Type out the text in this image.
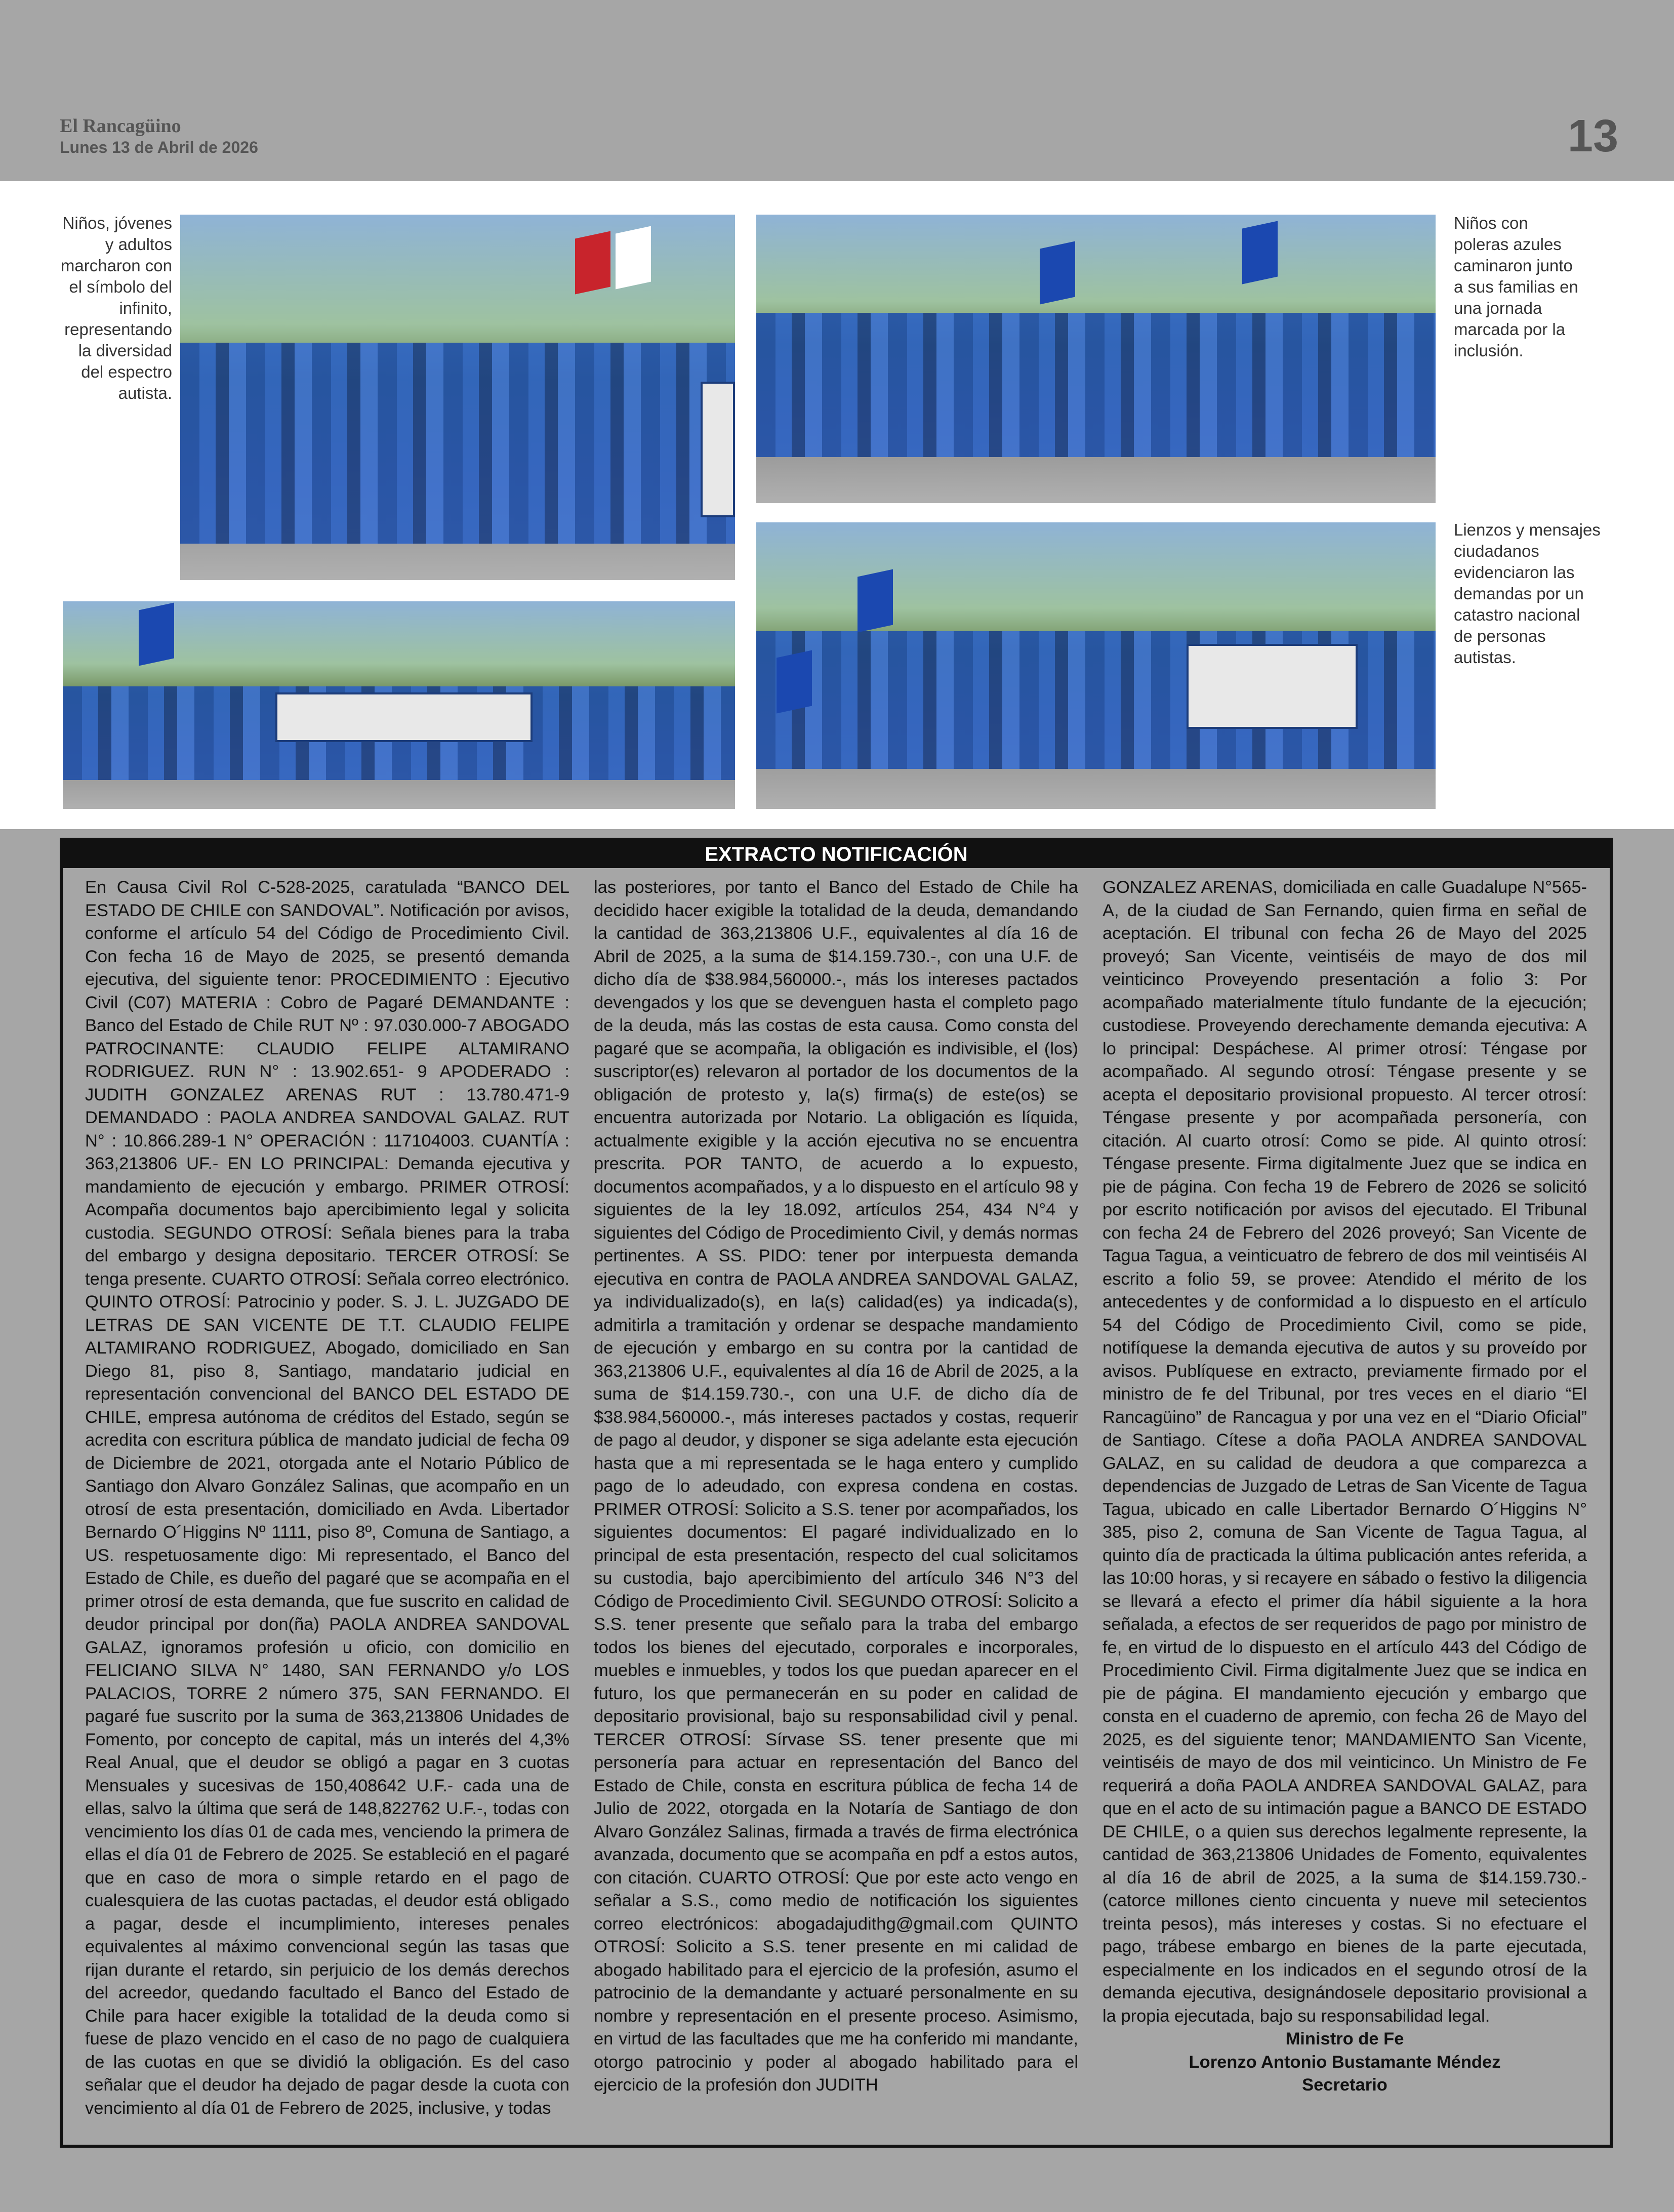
El Rancagüino
Lunes 13 de Abril de 2026	13
Niños, jóvenes y adultos marcharon con el símbolo del infinito, representando la diversidad del espectro autista.
Niños con poleras azules caminaron junto a sus familias en una jornada marcada por la inclusión.
Lienzos y mensajes ciudadanos evidenciaron las demandas por un catastro nacional de personas autistas.
EXTRACTO NOTIFICACIÓN
En Causa Civil Rol C-528-2025, caratulada “BANCO DEL ESTADO DE CHILE con SANDOVAL”. Notificación por avisos, conforme el artículo 54 del Código de Procedimiento Civil. Con fecha 16 de Mayo de 2025, se presentó demanda ejecutiva, del siguiente tenor: PROCEDIMIENTO : Ejecutivo Civil (C07) MATERIA : Cobro de Pagaré DEMANDANTE : Banco del Estado de Chile RUT Nº : 97.030.000-7 ABOGADO PATROCINANTE: CLAUDIO FELIPE ALTAMIRANO RODRIGUEZ. RUN N° : 13.902.651- 9 APODERADO : JUDITH GONZALEZ ARENAS RUT : 13.780.471-9 DEMANDADO : PAOLA ANDREA SANDOVAL GALAZ. RUT N° : 10.866.289-1 N° OPERACIÓN : 117104003. CUANTÍA : 363,213806 UF.- EN LO PRINCIPAL: Demanda ejecutiva y mandamiento de ejecución y embargo. PRIMER OTROSÍ: Acompaña documentos bajo apercibimiento legal y solicita custodia. SEGUNDO OTROSÍ: Señala bienes para la traba del embargo y designa depositario. TERCER OTROSÍ: Se tenga presente. CUARTO OTROSÍ: Señala correo electrónico. QUINTO OTROSÍ: Patrocinio y poder. S. J. L. JUZGADO DE LETRAS DE SAN VICENTE DE T.T. CLAUDIO FELIPE ALTAMIRANO RODRIGUEZ, Abogado, domiciliado en San Diego 81, piso 8, Santiago, mandatario judicial en representación convencional del BANCO DEL ESTADO DE CHILE, empresa autónoma de créditos del Estado, según se acredita con escritura pública de mandato judicial de fecha 09 de Diciembre de 2021, otorgada ante el Notario Público de Santiago don Alvaro González Salinas, que acompaño en un otrosí de esta presentación, domiciliado en Avda. Libertador Bernardo O´Higgins Nº 1111, piso 8º, Comuna de Santiago, a US. respetuosamente digo: Mi representado, el Banco del Estado de Chile, es dueño del pagaré que se acompaña en el primer otrosí de esta demanda, que fue suscrito en calidad de deudor principal por don(ña) PAOLA ANDREA SANDOVAL GALAZ, ignoramos profesión u oficio, con domicilio en FELICIANO SILVA N° 1480, SAN FERNANDO y/o LOS PALACIOS, TORRE 2 número 375, SAN FERNANDO. El pagaré fue suscrito por la suma de 363,213806 Unidades de Fomento, por concepto de capital, más un interés del 4,3% Real Anual, que el deudor se obligó a pagar en 3 cuotas Mensuales y sucesivas de 150,408642 U.F.- cada una de ellas, salvo la última que será de 148,822762 U.F.-, todas con vencimiento los días 01 de cada mes, venciendo la primera de ellas el día 01 de Febrero de 2025. Se estableció en el pagaré que en caso de mora o simple retardo en el pago de cualesquiera de las cuotas pactadas, el deudor está obligado a pagar, desde el incumplimiento, intereses penales equivalentes al máximo convencional según las tasas que rijan durante el retardo, sin perjuicio de los demás derechos del acreedor, quedando facultado el Banco del Estado de Chile para hacer exigible la totalidad de la deuda como si fuese de plazo vencido en el caso de no pago de cualquiera de las cuotas en que se dividió la obligación. Es del caso señalar que el deudor ha dejado de pagar desde la cuota con vencimiento al día 01 de Febrero de 2025, inclusive, y todas
las posteriores, por tanto el Banco del Estado de Chile ha decidido hacer exigible la totalidad de la deuda, demandando la cantidad de 363,213806 U.F., equivalentes al día 16 de Abril de 2025, a la suma de $14.159.730.-, con una U.F. de dicho día de $38.984,560000.-, más los intereses pactados devengados y los que se devenguen hasta el completo pago de la deuda, más las costas de esta causa. Como consta del pagaré que se acompaña, la obligación es indivisible, el (los) suscriptor(es) relevaron al portador de los documentos de la obligación de protesto y, la(s) firma(s) de este(os) se encuentra autorizada por Notario. La obligación es líquida, actualmente exigible y la acción ejecutiva no se encuentra prescrita. POR TANTO, de acuerdo a lo expuesto, documentos acompañados, y a lo dispuesto en el artículo 98 y siguientes de la ley 18.092, artículos 254, 434 N°4 y siguientes del Código de Procedimiento Civil, y demás normas pertinentes. A SS. PIDO: tener por interpuesta demanda ejecutiva en contra de PAOLA ANDREA SANDOVAL GALAZ, ya individualizado(s), en la(s) calidad(es) ya indicada(s), admitirla a tramitación y ordenar se despache mandamiento de ejecución y embargo en su contra por la cantidad de 363,213806 U.F., equivalentes al día 16 de Abril de 2025, a la suma de $14.159.730.-, con una U.F. de dicho día de $38.984,560000.-, más intereses pactados y costas, requerir de pago al deudor, y disponer se siga adelante esta ejecución hasta que a mi representada se le haga entero y cumplido pago de lo adeudado, con expresa condena en costas. PRIMER OTROSÍ: Solicito a S.S. tener por acompañados, los siguientes documentos: El pagaré individualizado en lo principal de esta presentación, respecto del cual solicitamos su custodia, bajo apercibimiento del artículo 346 N°3 del Código de Procedimiento Civil. SEGUNDO OTROSÍ: Solicito a S.S. tener presente que señalo para la traba del embargo todos los bienes del ejecutado, corporales e incorporales, muebles e inmuebles, y todos los que puedan aparecer en el futuro, los que permanecerán en su poder en calidad de depositario provisional, bajo su responsabilidad civil y penal. TERCER OTROSÍ: Sírvase SS. tener presente que mi personería para actuar en representación del Banco del Estado de Chile, consta en escritura pública de fecha 14 de Julio de 2022, otorgada en la Notaría de Santiago de don Alvaro González Salinas, firmada a través de firma electrónica avanzada, documento que se acompaña en pdf a estos autos, con citación. CUARTO OTROSÍ: Que por este acto vengo en señalar a S.S., como medio de notificación los siguientes correo electrónicos: abogadajudithg@gmail.com QUINTO OTROSÍ: Solicito a S.S. tener presente en mi calidad de abogado habilitado para el ejercicio de la profesión, asumo el patrocinio de la demandante y actuaré personalmente en su nombre y representación en el presente proceso. Asimismo, en virtud de las facultades que me ha conferido mi mandante, otorgo patrocinio y poder al abogado habilitado para el ejercicio de la profesión don JUDITH
GONZALEZ ARENAS, domiciliada en calle Guadalupe N°565-A, de la ciudad de San Fernando, quien firma en señal de aceptación. El tribunal con fecha 26 de Mayo del 2025 proveyó; San Vicente, veintiséis de mayo de dos mil veinticinco Proveyendo presentación a folio 3: Por acompañado materialmente título fundante de la ejecución; custodiese. Proveyendo derechamente demanda ejecutiva: A lo principal: Despáchese. Al primer otrosí: Téngase por acompañado. Al segundo otrosí: Téngase presente y se acepta el depositario provisional propuesto. Al tercer otrosí: Téngase presente y por acompañada personería, con citación. Al cuarto otrosí: Como se pide. Al quinto otrosí: Téngase presente. Firma digitalmente Juez que se indica en pie de página. Con fecha 19 de Febrero de 2026 se solicitó por escrito notificación por avisos del ejecutado. El Tribunal con fecha 24 de Febrero del 2026 proveyó; San Vicente de Tagua Tagua, a veinticuatro de febrero de dos mil veintiséis Al escrito a folio 59, se provee: Atendido el mérito de los antecedentes y de conformidad a lo dispuesto en el artículo 54 del Código de Procedimiento Civil, como se pide, notifíquese la demanda ejecutiva de autos y su proveído por avisos. Publíquese en extracto, previamente firmado por el ministro de fe del Tribunal, por tres veces en el diario “El Rancagüino” de Rancagua y por una vez en el “Diario Oficial” de Santiago. Cítese a doña PAOLA ANDREA SANDOVAL GALAZ, en su calidad de deudora a que comparezca a dependencias de Juzgado de Letras de San Vicente de Tagua Tagua, ubicado en calle Libertador Bernardo O´Higgins N° 385, piso 2, comuna de San Vicente de Tagua Tagua, al quinto día de practicada la última publicación antes referida, a las 10:00 horas, y si recayere en sábado o festivo la diligencia se llevará a efecto el primer día hábil siguiente a la hora señalada, a efectos de ser requeridos de pago por ministro de fe, en virtud de lo dispuesto en el artículo 443 del Código de Procedimiento Civil. Firma digitalmente Juez que se indica en pie de página. El mandamiento ejecución y embargo que consta en el cuaderno de apremio, con fecha 26 de Mayo del 2025, es del siguiente tenor; MANDAMIENTO San Vicente, veintiséis de mayo de dos mil veinticinco. Un Ministro de Fe requerirá a doña PAOLA ANDREA SANDOVAL GALAZ, para que en el acto de su intimación pague a BANCO DE ESTADO DE CHILE, o a quien sus derechos legalmente represente, la cantidad de 363,213806 Unidades de Fomento, equivalentes al día 16 de abril de 2025, a la suma de $14.159.730.- (catorce millones ciento cincuenta y nueve mil setecientos treinta pesos), más intereses y costas. Si no efectuare el pago, trábese embargo en bienes de la parte ejecutada, especialmente en los indicados en el segundo otrosí de la demanda ejecutiva, designándosele depositario provisional a la propia ejecutada, bajo su responsabilidad legal.
Ministro de Fe
Lorenzo Antonio Bustamante Méndez
Secretario
